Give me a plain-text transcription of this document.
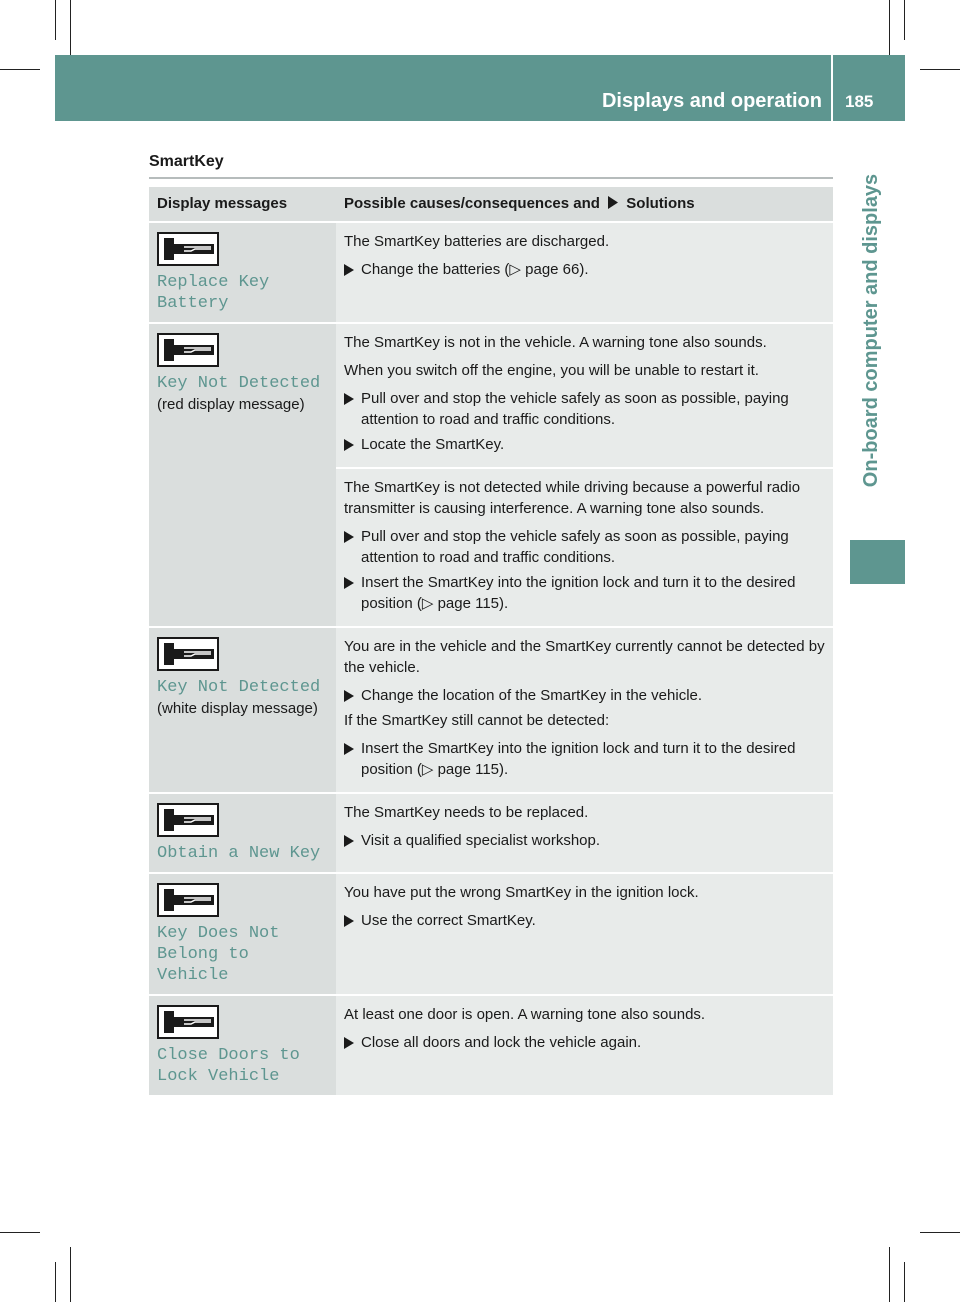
Displays and operation 185
On-board computer and displays
SmartKey
Display messages	Possible causes/consequences and Solutions
Replace Key Battery
The SmartKey batteries are discharged.
Change the batteries (▷ page 66).
Key Not Detected
(red display message)
The SmartKey is not in the vehicle. A warning tone also sounds.
When you switch off the engine, you will be unable to restart it.
Pull over and stop the vehicle safely as soon as possible, paying attention to road and traffic conditions.
Locate the SmartKey.
The SmartKey is not detected while driving because a powerful radio transmitter is causing interference. A warning tone also sounds.
Pull over and stop the vehicle safely as soon as possible, paying attention to road and traffic conditions.
Insert the SmartKey into the ignition lock and turn it to the desired position (▷ page 115).
Key Not Detected
(white display message)
You are in the vehicle and the SmartKey currently cannot be detected by the vehicle.
Change the location of the SmartKey in the vehicle.
If the SmartKey still cannot be detected:
Insert the SmartKey into the ignition lock and turn it to the desired position (▷ page 115).
Obtain a New Key
The SmartKey needs to be replaced.
Visit a qualified specialist workshop.
Key Does Not
Belong to Vehicle
You have put the wrong SmartKey in the ignition lock.
Use the correct SmartKey.
Close Doors to
Lock Vehicle
At least one door is open. A warning tone also sounds.
Close all doors and lock the vehicle again.
